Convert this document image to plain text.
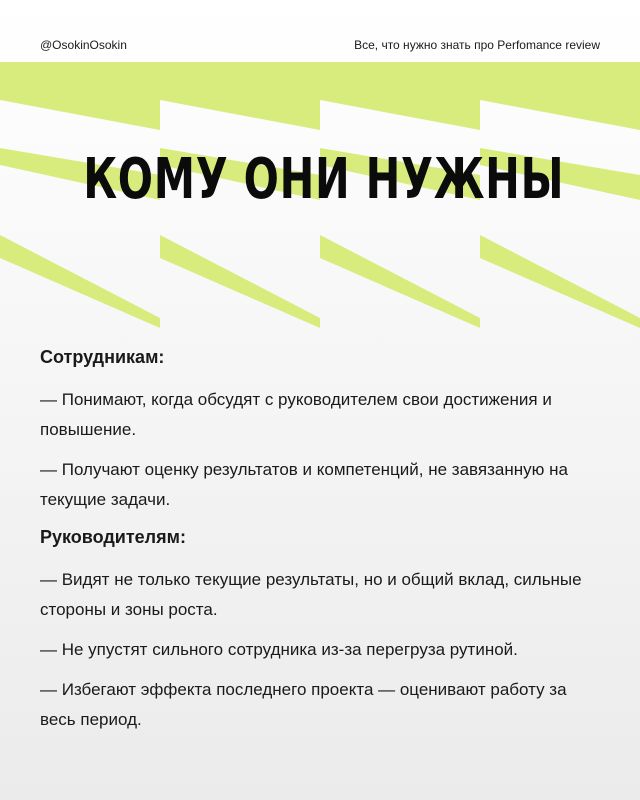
@OsokinOsokin	Все, что нужно знать про Perfomance review
КОМУ ОНИ НУЖНЫ
Сотрудникам:
— Понимают, когда обсудят с руководителем свои достижения и повышение.
— Получают оценку результатов и компетенций, не завязанную на текущие задачи.
Руководителям:
— Видят не только текущие результаты, но и общий вклад, сильные стороны и зоны роста.
— Не упустят сильного сотрудника из-за перегруза рутиной.
— Избегают эффекта последнего проекта — оценивают работу за весь период.
